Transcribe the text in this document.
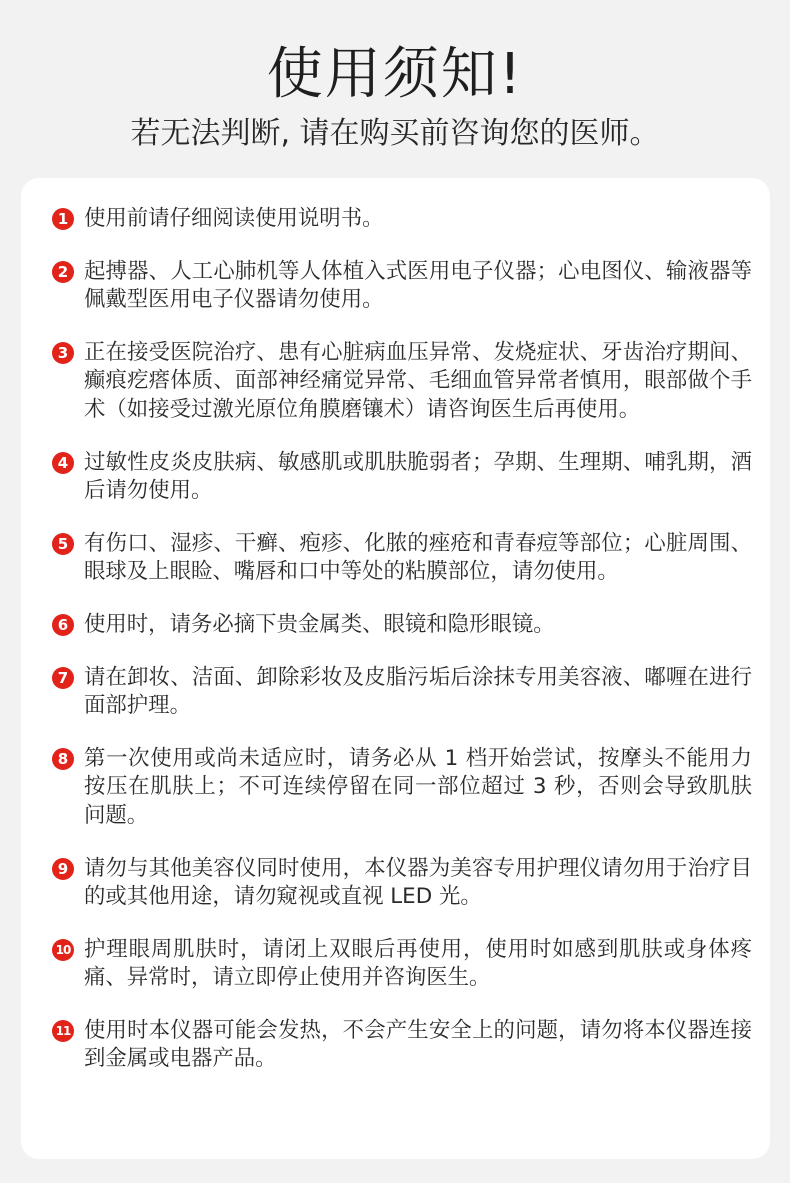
使用须知!

若无法判断, 请在购买前咨询您的医师。

1 使用前请仔细阅读使用说明书。
2 起搏器、人工心肺机等人体植入式医用电子仪器；心电图仪、输液器等佩戴型医用电子仪器请勿使用。
3 正在接受医院治疗、患有心脏病血压异常、发烧症状、牙齿治疗期间、癫痕疙瘩体质、面部神经痛觉异常、毛细血管异常者慎用，眼部做个手术（如接受过激光原位角膜磨镶术）请咨询医生后再使用。
4 过敏性皮炎皮肤病、敏感肌或肌肤脆弱者；孕期、生理期、哺乳期，酒后请勿使用。
5 有伤口、湿疹、干癣、疱疹、化脓的痤疮和青春痘等部位；心脏周围、眼球及上眼睑、嘴唇和口中等处的粘膜部位，请勿使用。
6 使用时，请务必摘下贵金属类、眼镜和隐形眼镜。
7 请在卸妆、洁面、卸除彩妆及皮脂污垢后涂抹专用美容液、嘟喱在进行面部护理。
8 第一次使用或尚未适应时，请务必从 1 档开始尝试，按摩头不能用力按压在肌肤上；不可连续停留在同一部位超过 3 秒，否则会导致肌肤问题。
9 请勿与其他美容仪同时使用，本仪器为美容专用护理仪请勿用于治疗目的或其他用途，请勿窥视或直视 LED 光。
10 护理眼周肌肤时，请闭上双眼后再使用，使用时如感到肌肤或身体疼痛、异常时，请立即停止使用并咨询医生。
11 使用时本仪器可能会发热，不会产生安全上的问题，请勿将本仪器连接到金属或电器产品。
